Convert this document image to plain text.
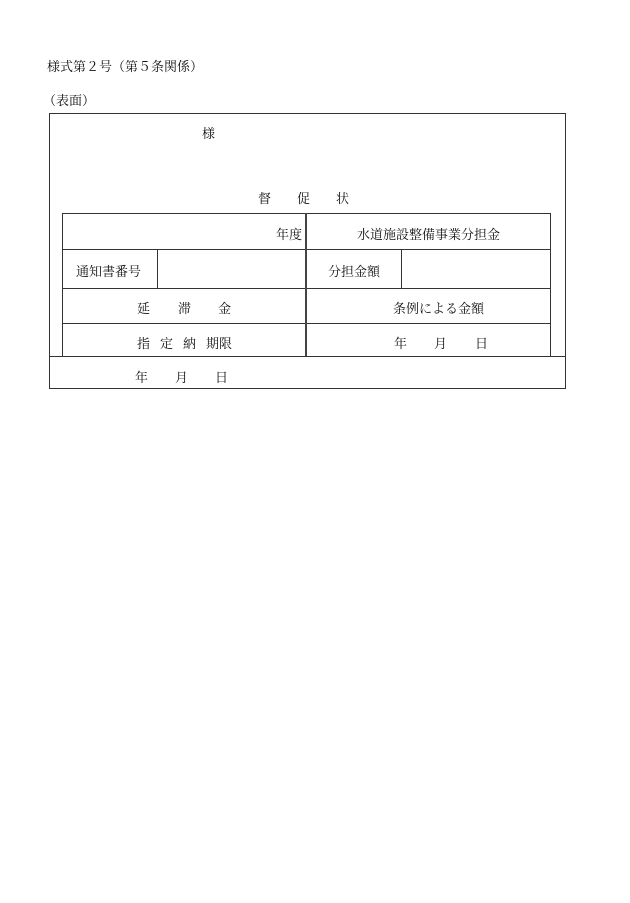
様式第２号（第５条関係）
（表面）
様
督 促 状
年度	水道施設整備事業分担金
通知書番号	分担金額
延 滞 金	条例による金額
指 定 納 期 限	年 月 日
年 月 日
